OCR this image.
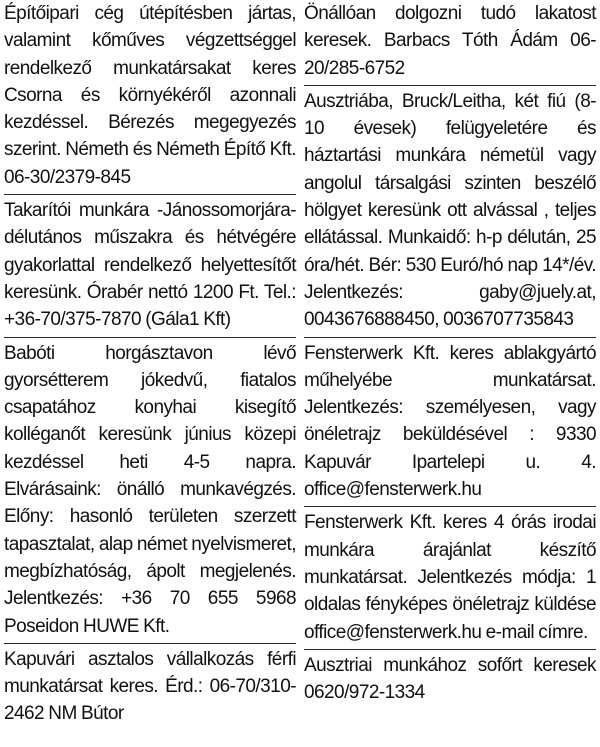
Építőipari cég útépítésben jártas, valamint kőműves végzettséggel rendelkező munkatársakat keres Csorna és környékéről azonnali kezdéssel. Bérezés megegyezés szerint. Németh és Németh Építő Kft. 06-30/2379-845

Takarítói munkára -Jánossomorjára- délutános műszakra és hétvégére gyakorlattal rendelkező helyettesítőt keresünk. Órabér nettó 1200 Ft. Tel.: +36-70/375-7870 (Gála1 Kft)

Babóti horgásztavon lévő gyorsétterem jókedvű, fiatalos csapatához konyhai kisegítő kolléganőt keresünk június közepi kezdéssel heti 4-5 napra. Elvárásaink: önálló munkavégzés. Előny: hasonló területen szerzett tapasztalat, alap német nyelvismeret, megbízhatóság, ápolt megjelenés. Jelentkezés: +36 70 655 5968 Poseidon HUWE Kft.

Kapuvári asztalos vállalkozás férfi munkatársat keres. Érd.: 06-70/310-2462 NM Bútor

Önállóan dolgozni tudó lakatost keresek. Barbacs Tóth Ádám 06-20/285-6752

Ausztriába, Bruck/Leitha, két fiú (8-10 évesek) felügyeletére és háztartási munkára németül vagy angolul társalgási szinten beszélő hölgyet keresünk ott alvással , teljes ellátással. Munkaidő: h-p délután, 25 óra/hét. Bér: 530 Euró/hó nap 14*/év. Jelentkezés: gaby@juely.at, 0043676888450, 0036707735843

Fensterwerk Kft. keres ablakgyártó műhelyébe munkatársat. Jelentkezés: személyesen, vagy önéletrajz beküldésével : 9330 Kapuvár Ipartelepi u. 4. office@fensterwerk.hu

Fensterwerk Kft. keres 4 órás irodai munkára árajánlat készítő munkatársat. Jelentkezés módja: 1 oldalas fényképes önéletrajz küldése office@fensterwerk.hu e-mail címre.

Ausztriai munkához sofőrt keresek 0620/972-1334
